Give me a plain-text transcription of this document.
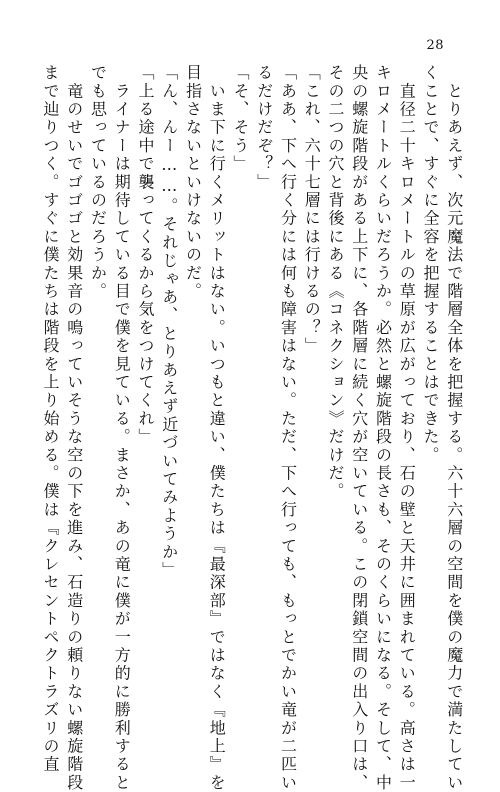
28
　とりあえず、次元魔法で階層全体を把握する。六十六層の空間を僕の魔力で満たしてい
くことで、すぐに全容を把握することはできた。
　直径二十キロメートルの草原が広がっており、石の壁と天井に囲まれている。高さは一
キロメートルくらいだろうか。必然と螺旋階段の長さも、そのくらいになる。そして、中
央の螺旋階段がある上下に、各階層に続く穴が空いている。この閉鎖空間の出入り口は、
その二つの穴と背後にある《コネクション》だけだ。
「これ、六十七層には行けるの？」
「ああ、下へ行く分には何も障害はない。ただ、下へ行っても、もっとでかい竜が二匹い
るだけだぞ？」
「そ、そう」
　いま下に行くメリットはない。いつもと違い、僕たちは『最深部』ではなく『地上』を
目指さないといけないのだ。
「ん、んー……。それじゃあ、とりあえず近づいてみようか」
「上る途中で襲ってくるから気をつけてくれ」
　ライナーは期待している目で僕を見ている。まさか、あの竜に僕が一方的に勝利すると
でも思っているのだろうか。
　竜のせいでゴゴゴと効果音の鳴っていそうな空の下を進み、石造りの頼りない螺旋階段
まで辿りつく。すぐに僕たちは階段を上り始める。僕は『クレセントペクトラズリの直
